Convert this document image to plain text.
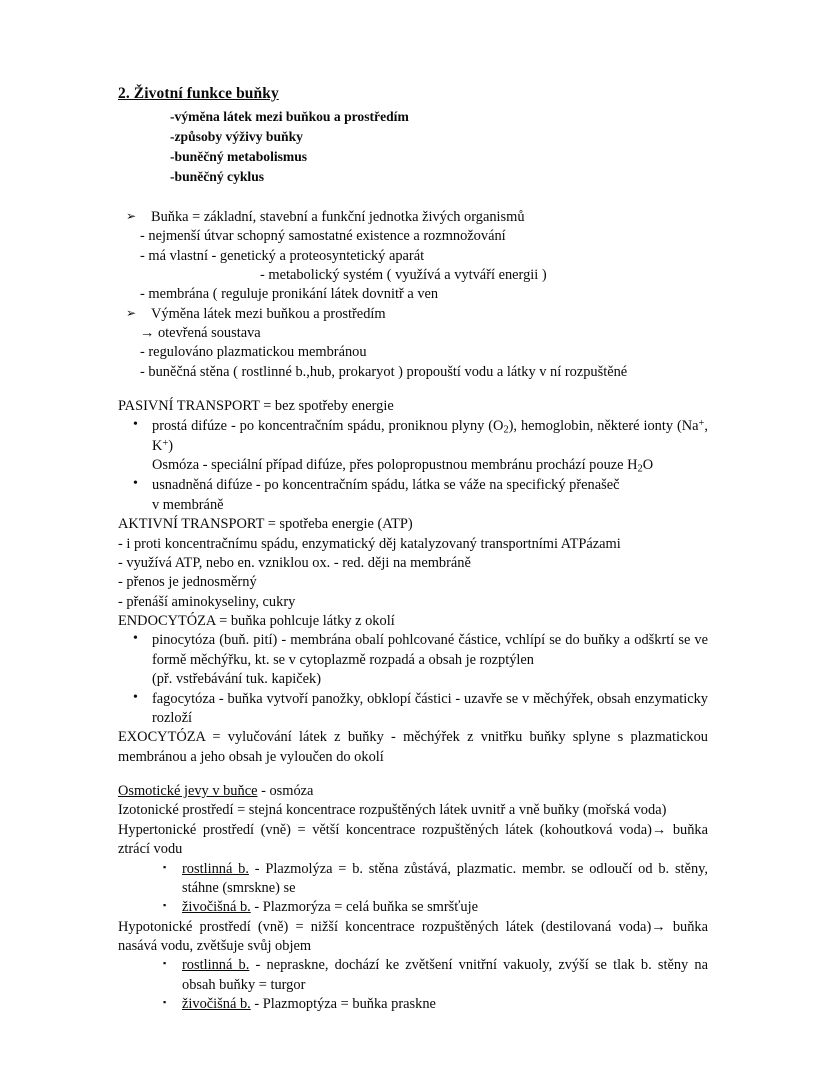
2. Životní funkce buňky
-výměna látek mezi buňkou a prostředím
-způsoby výživy buňky
-buněčný metabolismus
-buněčný cyklus
➢ Buňka = základní, stavební a funkční jednotka živých organismů
- nejmenší útvar schopný samostatné existence a rozmnožování
- má vlastní - genetický a proteosyntetický aparát
- metabolický systém ( využívá a vytváří energii )
- membrána ( reguluje pronikání látek dovnitř a ven
➢ Výměna látek mezi buňkou a prostředím
→ otevřená soustava
- regulováno plazmatickou membránou
- buněčná stěna ( rostlinné b.,hub, prokaryot ) propouští vodu a látky v ní rozpuštěné
PASIVNÍ TRANSPORT = bez spotřeby energie
• prostá difúze - po koncentračním spádu, proniknou plyny $(O_2)$, hemoglobin, některé ionty (Na+, K+)
Osmóza - speciální případ difúze, přes polopropustnou membránu prochází pouze $H_2O$
• usnadněná difúze - po koncentračním spádu, látka se váže na specifický přenašeč
v membráně
AKTIVNÍ TRANSPORT = spotřeba energie (ATP)
- i proti koncentračnímu spádu, enzymatický děj katalyzovaný transportními ATPázami
- využívá ATP, nebo en. vzniklou ox. - red. ději na membráně
- přenos je jednosměrný
- přenáší aminokyseliny, cukry
ENDOCYTÓZA = buňka pohlcuje látky z okolí
• pinocytóza (buň. pití) - membrána obalí pohlcované částice, vchlípí se do buňky a odškrtí se ve formě měchýřku, kt. se v cytoplazmě rozpadá a obsah je rozptýlen
(př. vstřebávání tuk. kapiček)
• fagocytóza - buňka vytvoří panožky, obklopí částici - uzavře se v měchýřek, obsah enzymaticky rozloží
EXOCYTÓZA = vylučování látek z buňky - měchýřek z vnitřku buňky splyne s plazmatickou membránou a jeho obsah je vyloučen do okolí
Osmotické jevy v buňce - osmóza
Izotonické prostředí = stejná koncentrace rozpuštěných látek uvnitř a vně buňky (mořská voda)
Hypertonické prostředí (vně) = větší koncentrace rozpuštěných látek (kohoutková voda)→ buňka ztrácí vodu
▪ rostlinná b. - Plazmolýza = b. stěna zůstává, plazmatic. membr. se odloučí od b. stěny, stáhne (smrskne) se
▪ živočišná b. - Plazmorýza = celá buňka se smršťuje
Hypotonické prostředí (vně) = nižší koncentrace rozpuštěných látek (destilovaná voda)→ buňka nasává vodu, zvětšuje svůj objem
▪ rostlinná b. - nepraskne, dochází ke zvětšení vnitřní vakuoly, zvýší se tlak b. stěny na obsah buňky = turgor
▪ živočišná b. - Plazmoptýza = buňka praskne
